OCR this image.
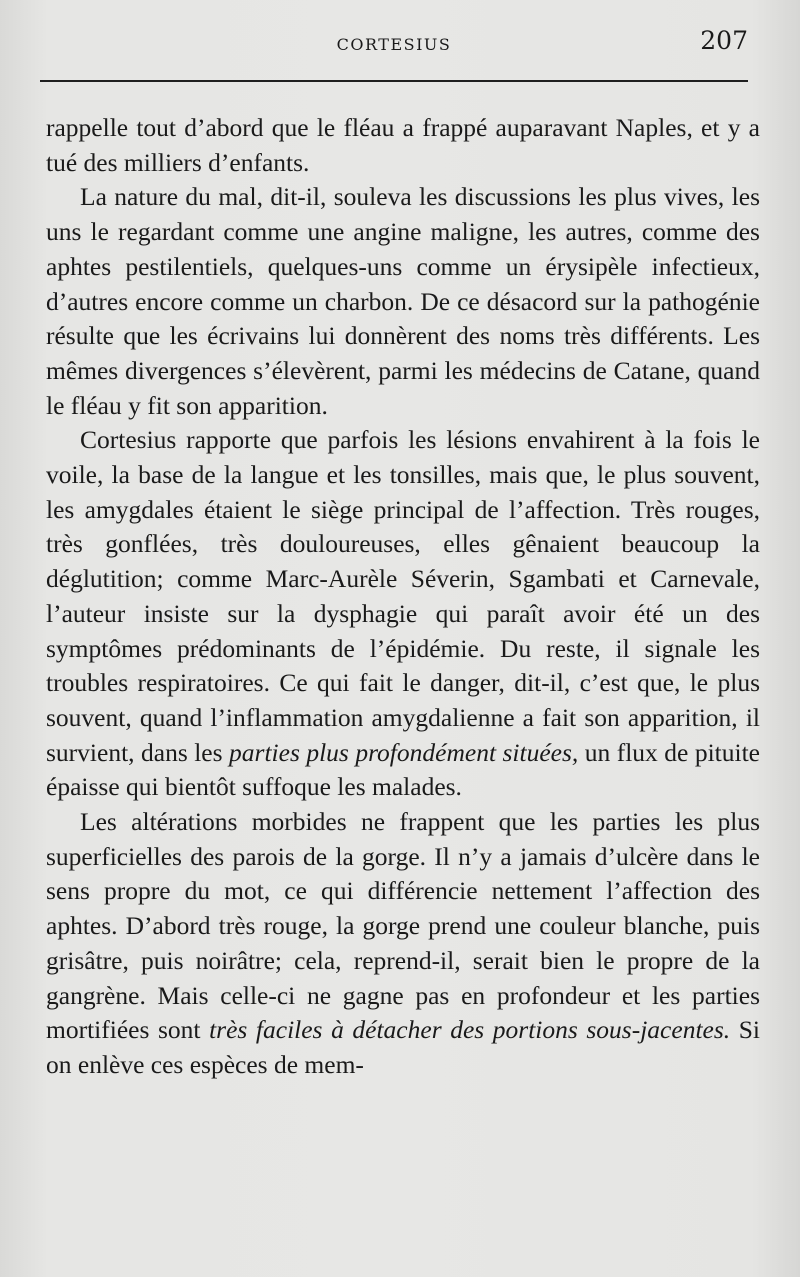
CORTESIUS	207

rappelle tout d’abord que le fléau a frappé auparavant Naples, et y a tué des milliers d’enfants.

La nature du mal, dit-il, souleva les discussions les plus vives, les uns le regardant comme une angine maligne, les autres, comme des aphtes pestilentiels, quelques-uns comme un érysipèle infectieux, d’autres encore comme un charbon. De ce désacord sur la pathogénie résulte que les écrivains lui donnèrent des noms très différents. Les mêmes divergences s’élevèrent, parmi les médecins de Catane, quand le fléau y fit son apparition.

Cortesius rapporte que parfois les lésions envahirent à la fois le voile, la base de la langue et les tonsilles, mais que, le plus souvent, les amygdales étaient le siège principal de l’affection. Très rouges, très gonflées, très douloureuses, elles gênaient beaucoup la déglutition; comme Marc-Aurèle Séverin, Sgambati et Carnevale, l’auteur insiste sur la dysphagie qui paraît avoir été un des symptômes prédominants de l’épidémie. Du reste, il signale les troubles respiratoires. Ce qui fait le danger, dit-il, c’est que, le plus souvent, quand l’inflammation amygdalienne a fait son apparition, il survient, dans les parties plus profondément situées, un flux de pituite épaisse qui bientôt suffoque les malades.

Les altérations morbides ne frappent que les parties les plus superficielles des parois de la gorge. Il n’y a jamais d’ulcère dans le sens propre du mot, ce qui différencie nettement l’affection des aphtes. D’abord très rouge, la gorge prend une couleur blanche, puis grisâtre, puis noirâtre; cela, reprend-il, serait bien le propre de la gangrène. Mais celle-ci ne gagne pas en profondeur et les parties mortifiées sont très faciles à détacher des portions sous-jacentes. Si on enlève ces espèces de mem-
